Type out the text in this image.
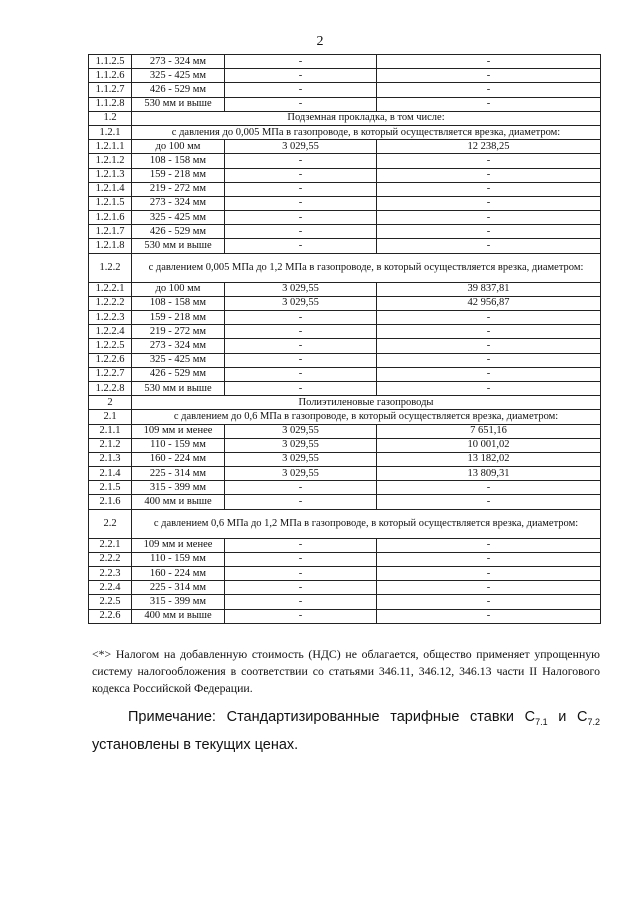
2
1.1.2.5	273 - 324 мм	-	-
1.1.2.6	325 - 425 мм	-	-
1.1.2.7	426 - 529 мм	-	-
1.1.2.8	530 мм и выше	-	-
1.2	Подземная прокладка, в том числе:		
1.2.1	с давления до 0,005 МПа в газопроводе, в который осуществляется врезка, диаметром:		
1.2.1.1	до 100 мм	3 029,55	12 238,25
1.2.1.2	108 - 158 мм	-	-
1.2.1.3	159 - 218 мм	-	-
1.2.1.4	219 - 272 мм	-	-
1.2.1.5	273 - 324 мм	-	-
1.2.1.6	325 - 425 мм	-	-
1.2.1.7	426 - 529 мм	-	-
1.2.1.8	530 мм и выше	-	-
1.2.2	с давлением 0,005 МПа до 1,2 МПа в газопроводе, в который осуществляется врезка, диаметром:		
1.2.2.1	до 100 мм	3 029,55	39 837,81
1.2.2.2	108 - 158 мм	3 029,55	42 956,87
1.2.2.3	159 - 218 мм	-	-
1.2.2.4	219 - 272 мм	-	-
1.2.2.5	273 - 324 мм	-	-
1.2.2.6	325 - 425 мм	-	-
1.2.2.7	426 - 529 мм	-	-
1.2.2.8	530 мм и выше	-	-
2	Полиэтиленовые газопроводы		
2.1	с давлением до 0,6 МПа в газопроводе, в который осуществляется врезка, диаметром:		
2.1.1	109 мм и менее	3 029,55	7 651,16
2.1.2	110 - 159 мм	3 029,55	10 001,02
2.1.3	160 - 224 мм	3 029,55	13 182,02
2.1.4	225 - 314 мм	3 029,55	13 809,31
2.1.5	315 - 399 мм	-	-
2.1.6	400 мм и выше	-	-
2.2	с давлением 0,6 МПа до 1,2 МПа в газопроводе, в который осуществляется врезка, диаметром:		
2.2.1	109 мм и менее	-	-
2.2.2	110 - 159 мм	-	-
2.2.3	160 - 224 мм	-	-
2.2.4	225 - 314 мм	-	-
2.2.5	315 - 399 мм	-	-
2.2.6	400 мм и выше	-	-
<*> Налогом на добавленную стоимость (НДС) не облагается, общество применяет упрощенную систему налогообложения в соответствии со статьями 346.11, 346.12, 346.13 части II Налогового кодекса Российской Федерации.
Примечание: Стандартизированные тарифные ставки $С_{7.1}$ и $С_{7.2}$ установлены в текущих ценах.
